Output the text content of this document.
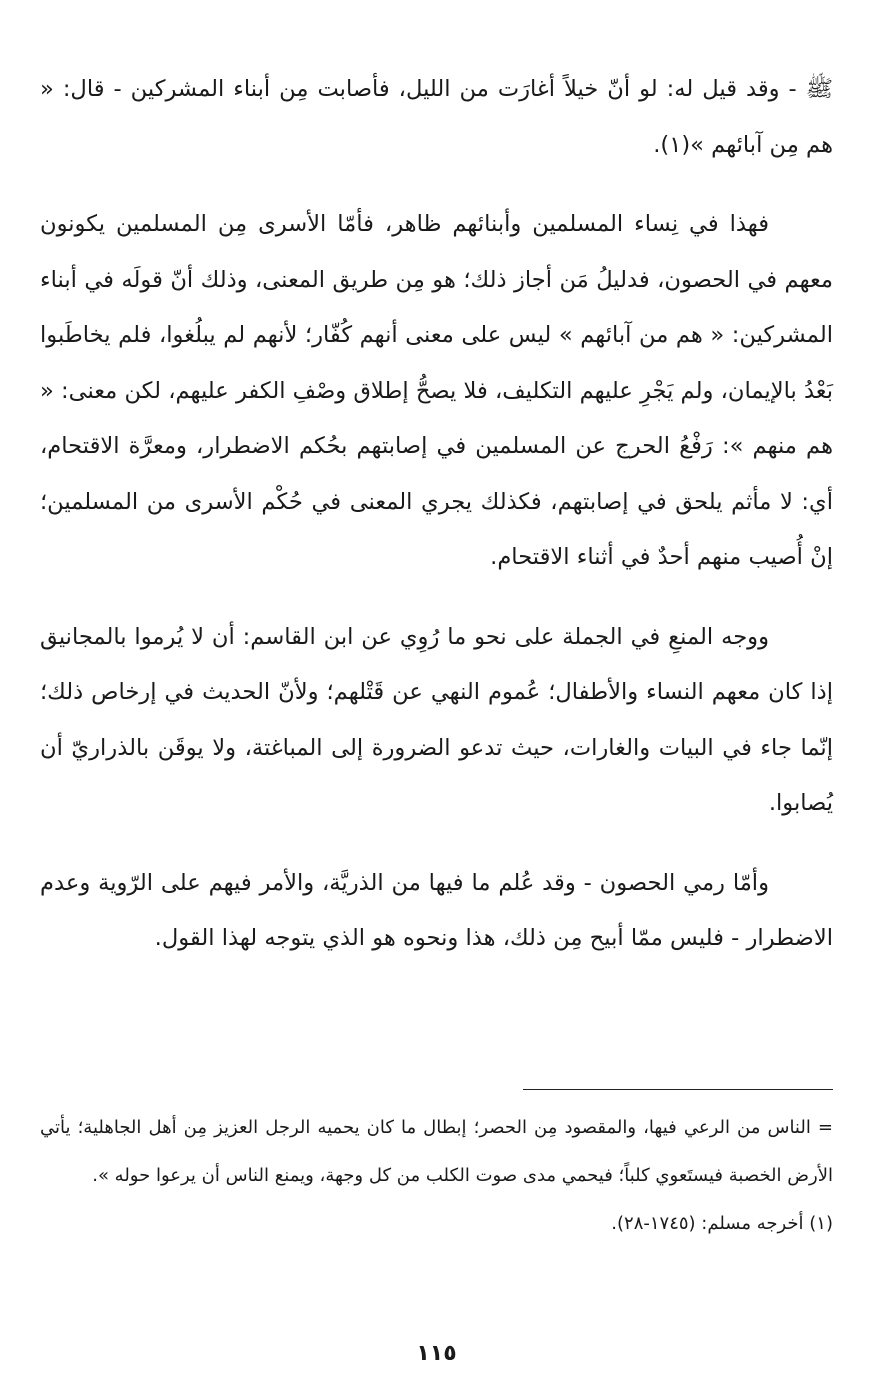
ﷺ - وقد قيل له: لو أنّ خيلاً أغارَت من الليل، فأصابت مِن أبناء المشركين - قال: « هم مِن آبائهم »(١).

فهذا في نِساء المسلمين وأبنائهم ظاهر، فأمّا الأسرى مِن المسلمين يكونون معهم في الحصون، فدليلُ مَن أجاز ذلك؛ هو مِن طريق المعنى، وذلك أنّ قولَه في أبناء المشركين: « هم من آبائهم » ليس على معنى أنهم كُفّار؛ لأنهم لم يبلُغوا، فلم يخاطَبوا بَعْدُ بالإيمان، ولم يَجْرِ عليهم التكليف، فلا يصحُّ إطلاق وصْفِ الكفر عليهم، لكن معنى: « هم منهم »: رَفْعُ الحرج عن المسلمين في إصابتهم بحُكم الاضطرار، ومعرَّة الاقتحام، أي: لا مأثم يلحق في إصابتهم، فكذلك يجري المعنى في حُكْم الأسرى من المسلمين؛ إنْ أُصيب منهم أحدٌ في أثناء الاقتحام.

ووجه المنعِ في الجملة على نحو ما رُوِي عن ابن القاسم: أن لا يُرموا بالمجانيق إذا كان معهم النساء والأطفال؛ عُموم النهي عن قَتْلهم؛ ولأنّ الحديث في إرخاص ذلك؛ إنّما جاء في البيات والغارات، حيث تدعو الضرورة إلى المباغتة، ولا يوقَن بالذراريّ أن يُصابوا.

وأمّا رمي الحصون - وقد عُلم ما فيها من الذريَّة، والأمر فيهم على الرّوية وعدم الاضطرار - فليس ممّا أبيح مِن ذلك، هذا ونحوه هو الذي يتوجه لهذا القول.

= الناس من الرعي فيها، والمقصود مِن الحصر؛ إبطال ما كان يحميه الرجل العزيز مِن أهل الجاهلية؛ يأتي الأرض الخصبة فيستَعوي كلباً؛ فيحمي مدى صوت الكلب من كل وجهة، ويمنع الناس أن يرعوا حوله ».

(١) أخرجه مسلم: (١٧٤٥-٢٨).

١١٥
